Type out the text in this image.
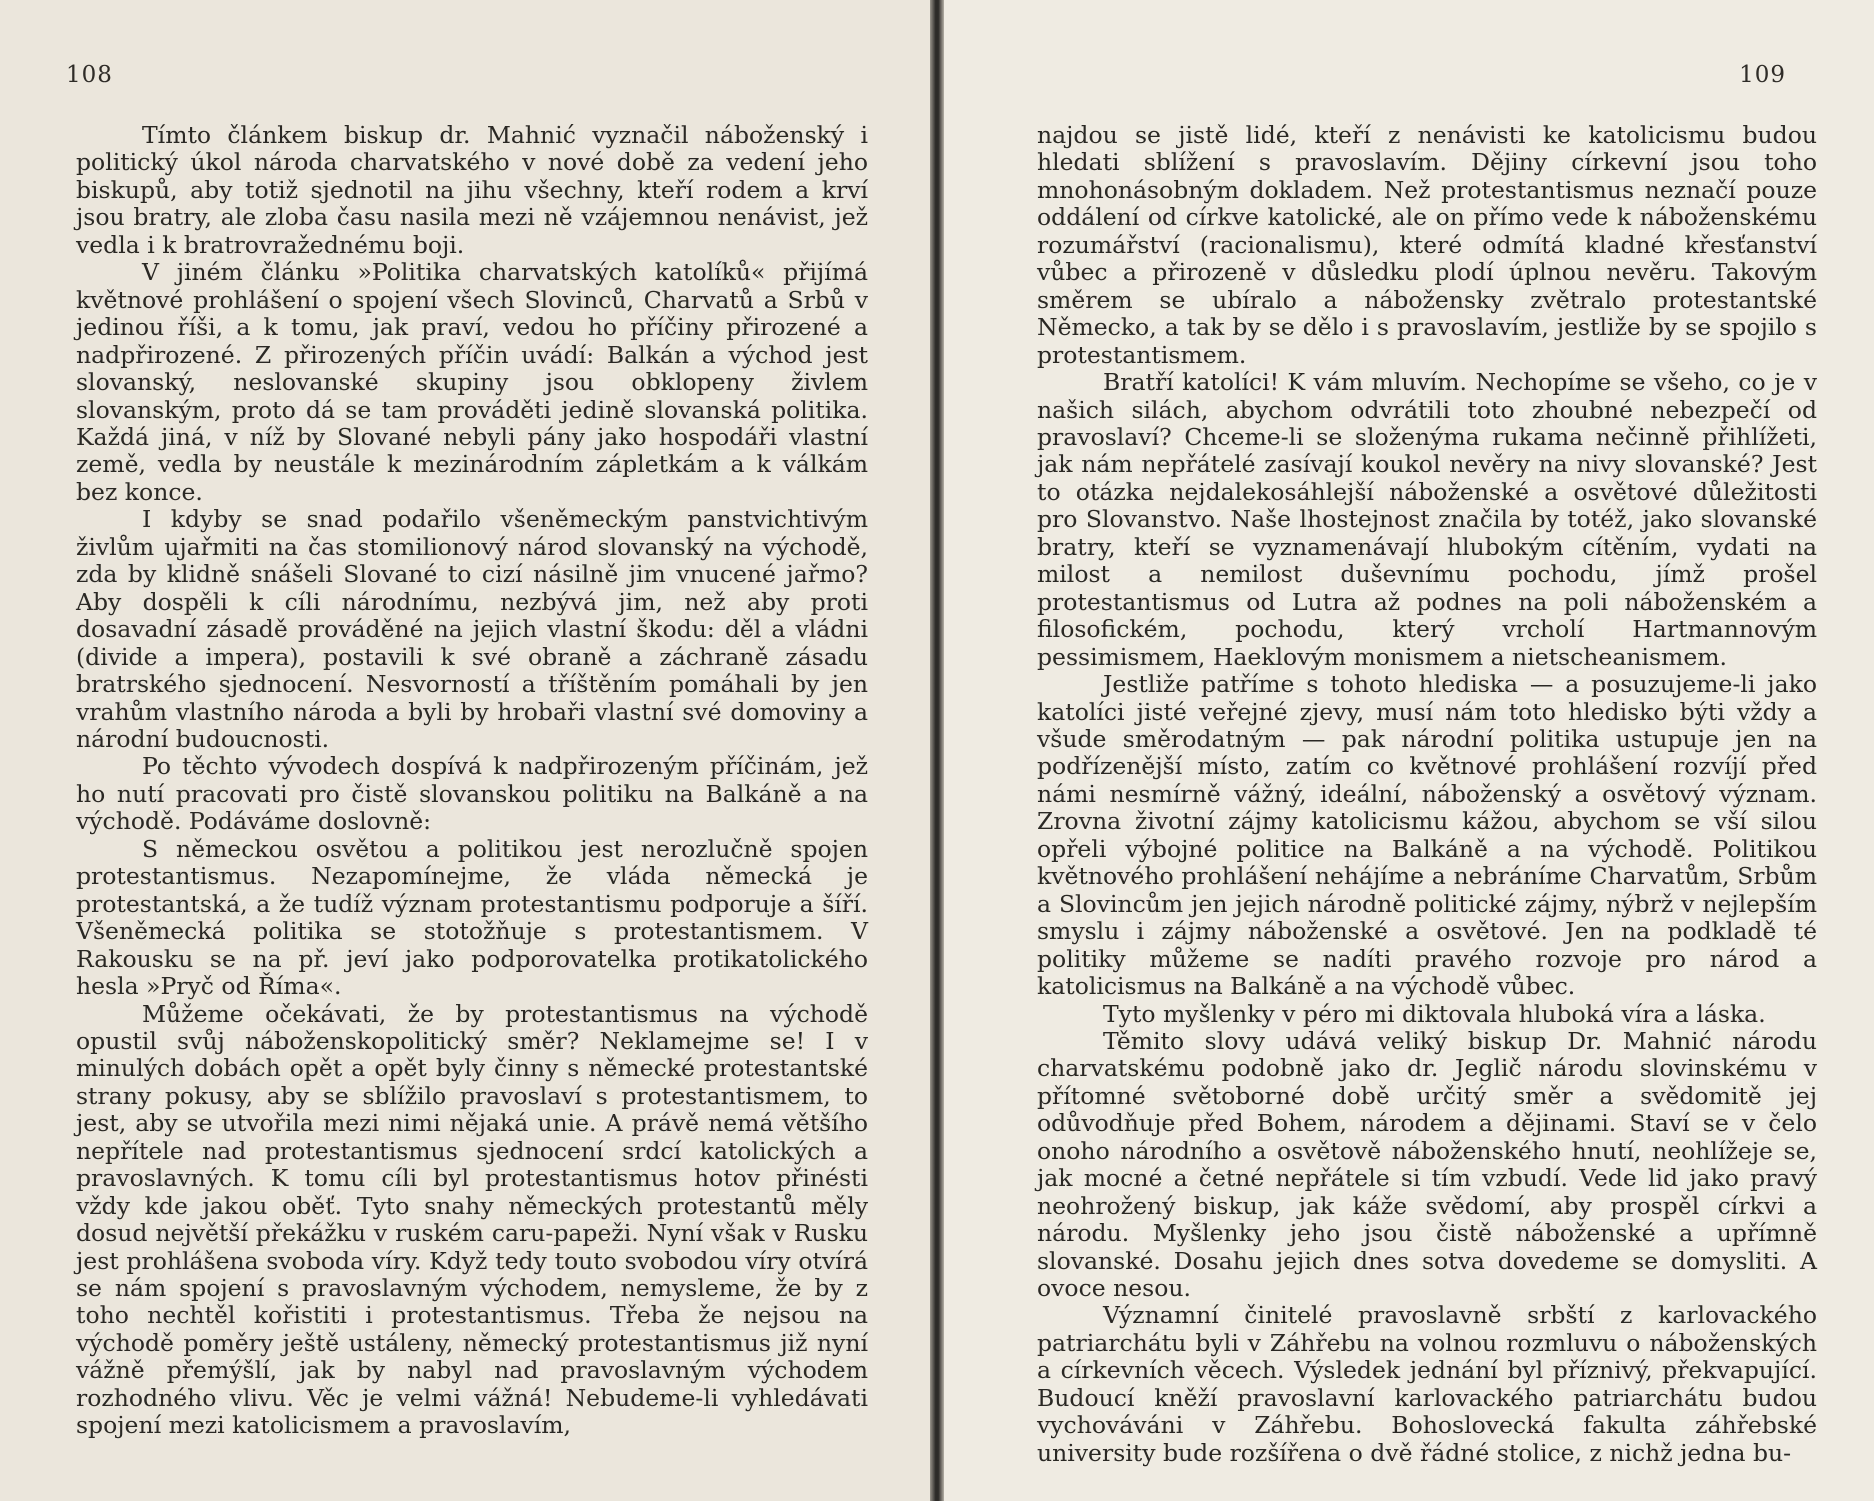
108

Tímto článkem biskup dr. Mahnić vyznačil náboženský i politický úkol národa charvatského v nové době za vedení jeho biskupů, aby totiž sjednotil na jihu všechny, kteří rodem a krví jsou bratry, ale zloba času nasila mezi ně vzájemnou nenávist, jež vedla i k bratrovražednému boji.

V jiném článku »Politika charvatských katolíků« přijímá květnové prohlášení o spojení všech Slovinců, Charvatů a Srbů v jedinou říši, a k tomu, jak praví, vedou ho příčiny přirozené a nadpřirozené. Z přirozených příčin uvádí: Balkán a východ jest slovanský, neslovanské skupiny jsou obklopeny živlem slovanským, proto dá se tam prováděti jedině slovanská politika. Každá jiná, v níž by Slované nebyli pány jako hospodáři vlastní země, vedla by neustále k mezinárodním zápletkám a k válkám bez konce.

I kdyby se snad podařilo všeněmeckým panstvichtivým živlům ujařmiti na čas stomilionový národ slovanský na východě, zda by klidně snášeli Slované to cizí násilně jim vnucené jařmo? Aby dospěli k cíli národnímu, nezbývá jim, než aby proti dosavadní zásadě prováděné na jejich vlastní škodu: děl a vládni (divide a impera), postavili k své obraně a záchraně zásadu bratrského sjednocení. Nesvorností a tříštěním pomáhali by jen vrahům vlastního národa a byli by hrobaři vlastní své domoviny a národní budoucnosti.

Po těchto vývodech dospívá k nadpřirozeným příčinám, jež ho nutí pracovati pro čistě slovanskou politiku na Balkáně a na východě. Podáváme doslovně:

S německou osvětou a politikou jest nerozlučně spojen protestantismus. Nezapomínejme, že vláda německá je protestantská, a že tudíž význam protestantismu podporuje a šíří. Všeněmecká politika se stotožňuje s protestantismem. V Rakousku se na př. jeví jako podporovatelka protikatolického hesla »Pryč od Říma«.

Můžeme očekávati, že by protestantismus na východě opustil svůj náboženskopolitický směr? Neklamejme se! I v minulých dobách opět a opět byly činny s německé protestantské strany pokusy, aby se sblížilo pravoslaví s protestantismem, to jest, aby se utvořila mezi nimi nějaká unie. A právě nemá většího nepřítele nad protestantismus sjednocení srdcí katolických a pravoslavných. K tomu cíli byl protestantismus hotov přinésti vždy kde jakou oběť. Tyto snahy německých protestantů měly dosud největší překážku v ruském caru-papeži. Nyní však v Rusku jest prohlášena svoboda víry. Když tedy touto svobodou víry otvírá se nám spojení s pravoslavným východem, nemysleme, že by z toho nechtěl kořistiti i protestantismus. Třeba že nejsou na východě poměry ještě ustáleny, německý protestantismus již nyní vážně přemýšlí, jak by nabyl nad pravoslavným východem rozhodného vlivu. Věc je velmi vážná! Nebudeme-li vyhledávati spojení mezi katolicismem a pravoslavím,

109

najdou se jistě lidé, kteří z nenávisti ke katolicismu budou hledati sblížení s pravoslavím. Dějiny církevní jsou toho mnohonásobným dokladem. Než protestantismus neznačí pouze oddálení od církve katolické, ale on přímo vede k náboženskému rozumářství (racionalismu), které odmítá kladné křesťanství vůbec a přirozeně v důsledku plodí úplnou nevěru. Takovým směrem se ubíralo a nábožensky zvětralo protestantské Německo, a tak by se dělo i s pravoslavím, jestliže by se spojilo s protestantismem.

Bratří katolíci! K vám mluvím. Nechopíme se všeho, co je v našich silách, abychom odvrátili toto zhoubné nebezpečí od pravoslaví? Chceme-li se složenýma rukama nečinně přihlížeti, jak nám nepřátelé zasívají koukol nevěry na nivy slovanské? Jest to otázka nejdalekosáhlejší náboženské a osvětové důležitosti pro Slovanstvo. Naše lhostejnost značila by totéž, jako slovanské bratry, kteří se vyznamenávají hlubokým cítěním, vydati na milost a nemilost duševnímu pochodu, jímž prošel protestantismus od Lutra až podnes na poli náboženském a filosofickém, pochodu, který vrcholí Hartmannovým pessimismem, Haeklovým monismem a nietscheanismem.

Jestliže patříme s tohoto hlediska — a posuzujeme-li jako katolíci jisté veřejné zjevy, musí nám toto hledisko býti vždy a všude směrodatným — pak národní politika ustupuje jen na podřízenější místo, zatím co květnové prohlášení rozvíjí před námi nesmírně vážný, ideální, náboženský a osvětový význam. Zrovna životní zájmy katolicismu kážou, abychom se vší silou opřeli výbojné politice na Balkáně a na východě. Politikou květnového prohlášení nehájíme a nebráníme Charvatům, Srbům a Slovincům jen jejich národně politické zájmy, nýbrž v nejlepším smyslu i zájmy náboženské a osvětové. Jen na podkladě té politiky můžeme se nadíti pravého rozvoje pro národ a katolicismus na Balkáně a na východě vůbec.

Tyto myšlenky v péro mi diktovala hluboká víra a láska.

Těmito slovy udává veliký biskup Dr. Mahnić národu charvatskému podobně jako dr. Jeglič národu slovinskému v přítomné světoborné době určitý směr a svědomitě jej odůvodňuje před Bohem, národem a dějinami. Staví se v čelo onoho národního a osvětově náboženského hnutí, neohlížeje se, jak mocné a četné nepřátele si tím vzbudí. Vede lid jako pravý neohrožený biskup, jak káže svědomí, aby prospěl církvi a národu. Myšlenky jeho jsou čistě náboženské a upřímně slovanské. Dosahu jejich dnes sotva dovedeme se domysliti. A ovoce nesou.

Významní činitelé pravoslavně srbští z karlovackého patriarchátu byli v Záhřebu na volnou rozmluvu o náboženských a církevních věcech. Výsledek jednání byl příznivý, překvapující. Budoucí kněží pravoslavní karlovackého patriarchátu budou vychováváni v Záhřebu. Bohoslovecká fakulta záhřebské university bude rozšířena o dvě řádné stolice, z nichž jedna bu-
